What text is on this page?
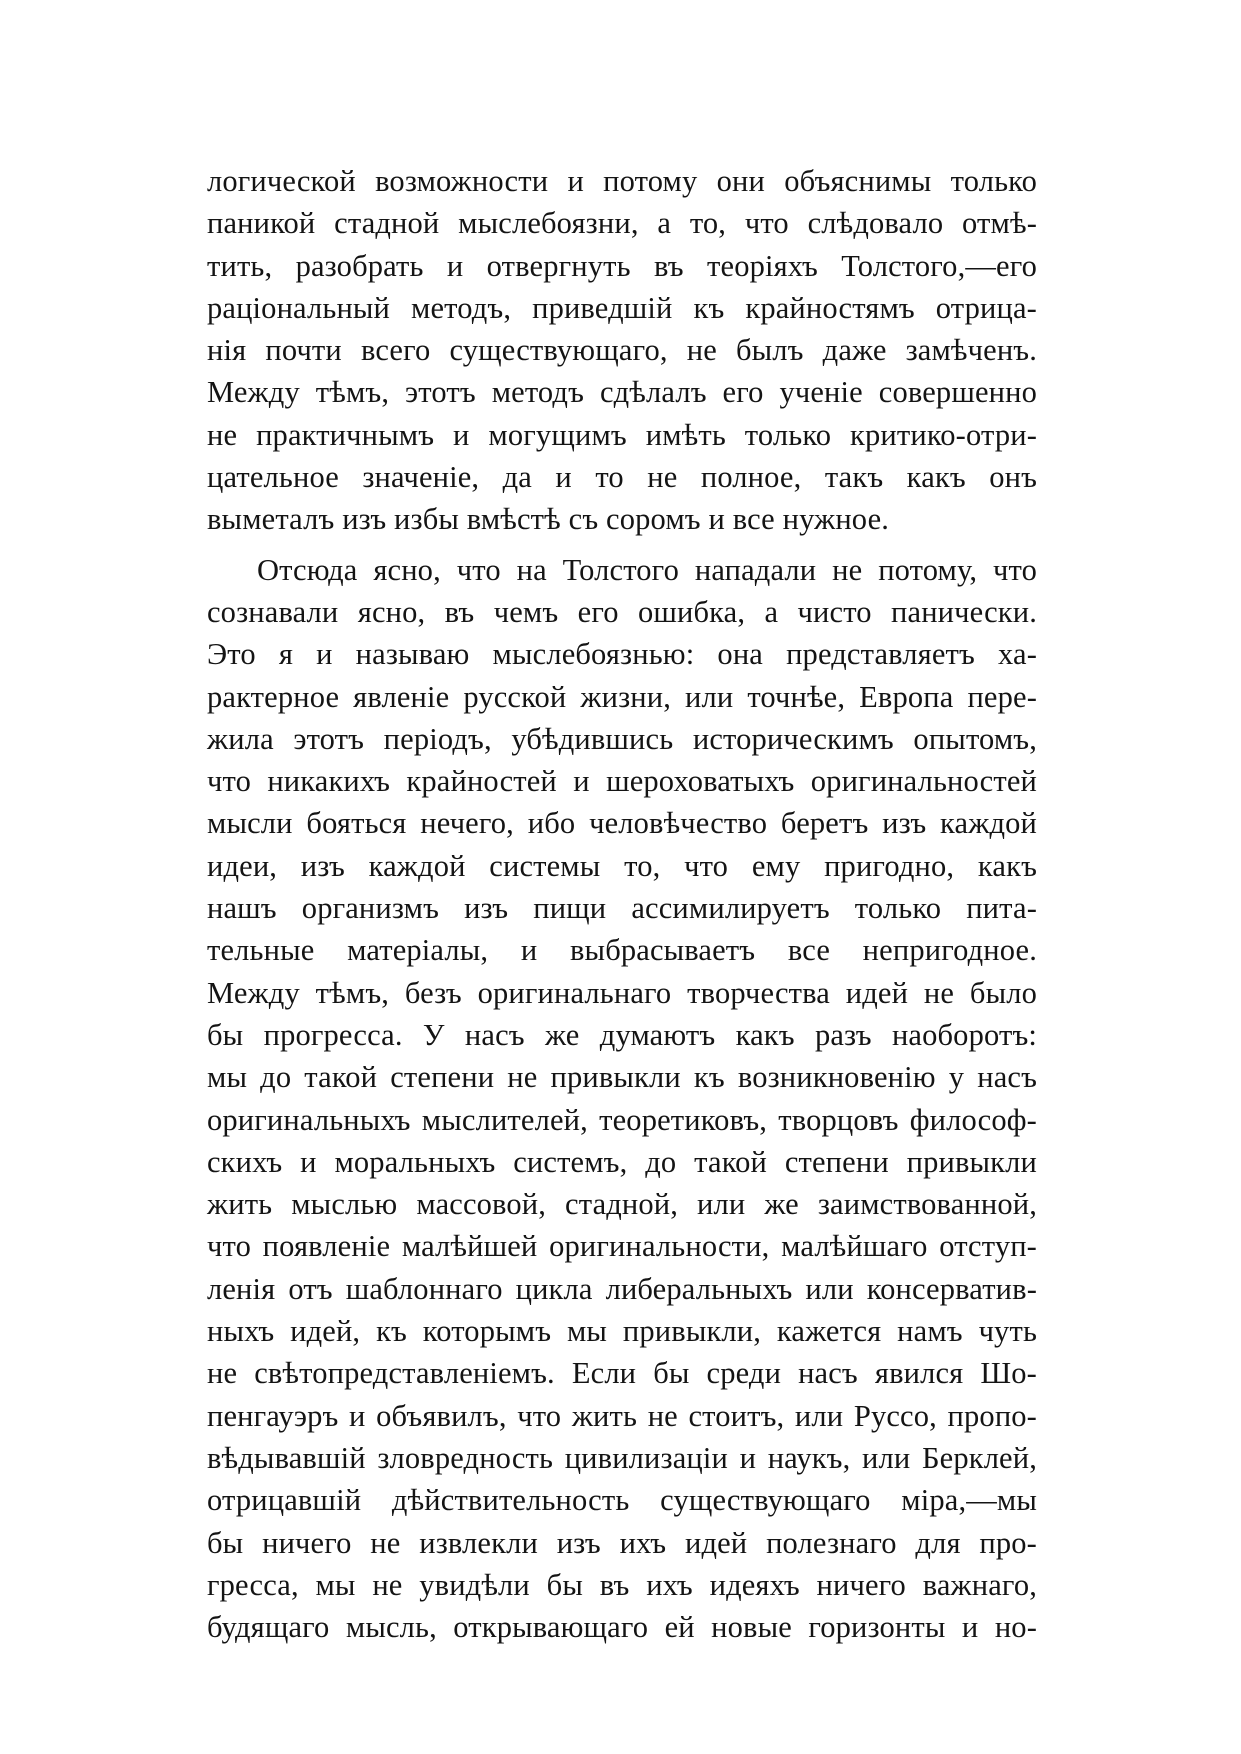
логической возможности и потому они объяснимы только
паникой стадной мыслебоязни, а то, что слѣдовало отмѣ-
тить, разобрать и отвергнуть въ теоріяхъ Толстого,—его
раціональный методъ, приведшій къ крайностямъ отрица-
нія почти всего существующаго, не былъ даже замѣченъ.
Между тѣмъ, этотъ методъ сдѣлалъ его ученіе совершенно
не практичнымъ и могущимъ имѣть только критико-отри-
цательное значеніе, да и то не полное, такъ какъ онъ
выметалъ изъ избы вмѣстѣ съ соромъ и все нужное.
Отсюда ясно, что на Толстого нападали не потому, что
сознавали ясно, въ чемъ его ошибка, а чисто панически.
Это я и называю мыслебоязнью: она представляетъ ха-
рактерное явленіе русской жизни, или точнѣе, Европа пере-
жила этотъ періодъ, убѣдившись историческимъ опытомъ,
что никакихъ крайностей и шероховатыхъ оригинальностей
мысли бояться нечего, ибо человѣчество беретъ изъ каждой
идеи, изъ каждой системы то, что ему пригодно, какъ
нашъ организмъ изъ пищи ассимилируетъ только пита-
тельные матеріалы, и выбрасываетъ все непригодное.
Между тѣмъ, безъ оригинальнаго творчества идей не было
бы прогресса. У насъ же думаютъ какъ разъ наоборотъ:
мы до такой степени не привыкли къ возникновенію у насъ
оригинальныхъ мыслителей, теоретиковъ, творцовъ философ-
скихъ и моральныхъ системъ, до такой степени привыкли
жить мыслью массовой, стадной, или же заимствованной,
что появленіе малѣйшей оригинальности, малѣйшаго отступ-
ленія отъ шаблоннаго цикла либеральныхъ или консерватив-
ныхъ идей, къ которымъ мы привыкли, кажется намъ чуть
не свѣтопредставленіемъ. Если бы среди насъ явился Шо-
пенгауэръ и объявилъ, что жить не стоитъ, или Руссо, пропо-
вѣдывавшій зловредность цивилизаціи и наукъ, или Берклей,
отрицавшій дѣйствительность существующаго міра,—мы
бы ничего не извлекли изъ ихъ идей полезнаго для про-
гресса, мы не увидѣли бы въ ихъ идеяхъ ничего важнаго,
будящаго мысль, открывающаго ей новые горизонты и но-
